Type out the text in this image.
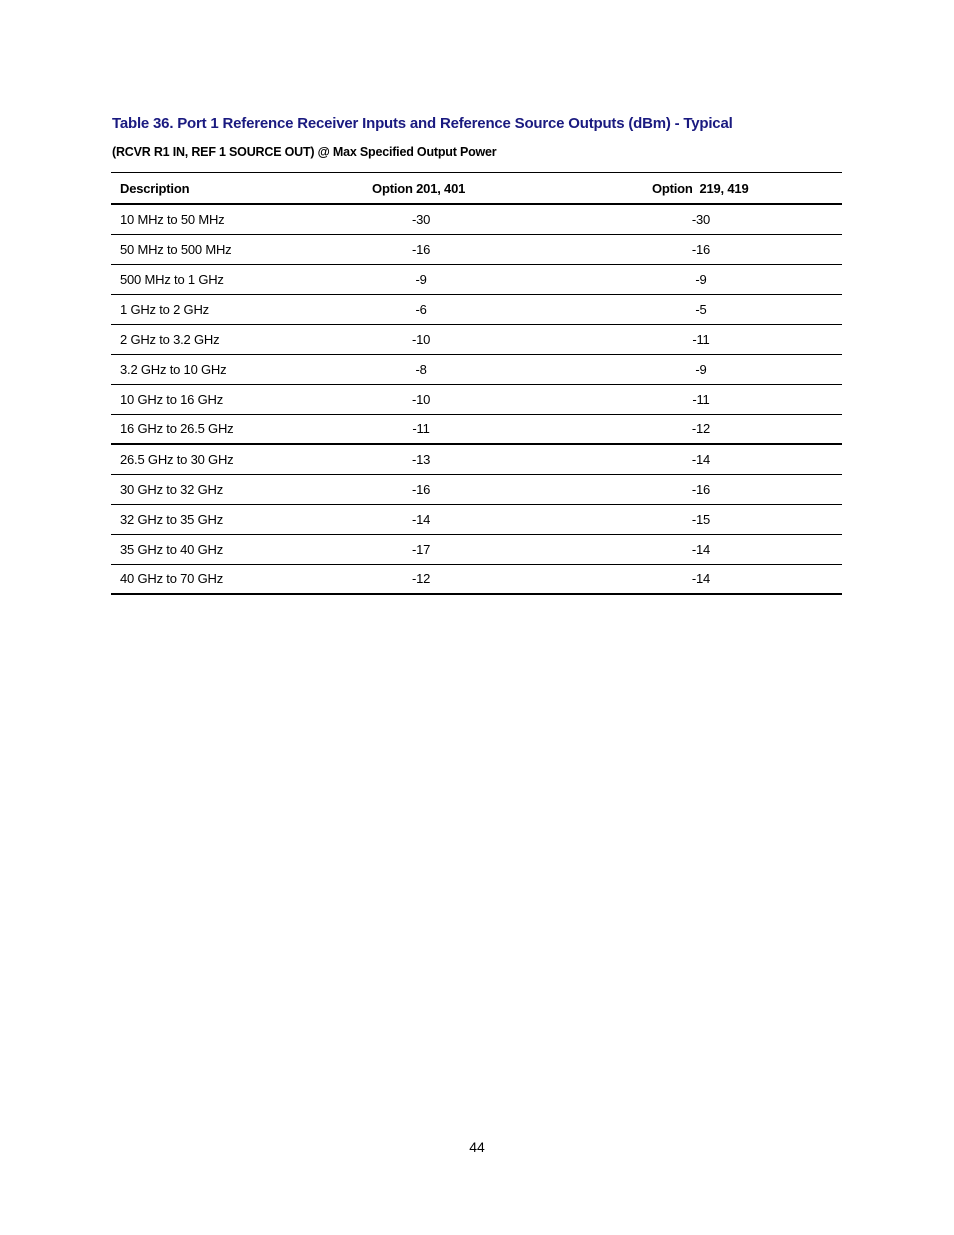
Table 36. Port 1 Reference Receiver Inputs and Reference Source Outputs (dBm) - Typical
(RCVR R1 IN, REF 1 SOURCE OUT) @ Max Specified Output Power
Description	Option 201, 401	Option  219, 419
10 MHz to 50 MHz	-30	-30
50 MHz to 500 MHz	-16	-16
500 MHz to 1 GHz	-9	-9
1 GHz to 2 GHz	-6	-5
2 GHz to 3.2 GHz	-10	-11
3.2 GHz to 10 GHz	-8	-9
10 GHz to 16 GHz	-10	-11
16 GHz to 26.5 GHz	-11	-12
26.5 GHz to 30 GHz	-13	-14
30 GHz to 32 GHz	-16	-16
32 GHz to 35 GHz	-14	-15
35 GHz to 40 GHz	-17	-14
40 GHz to 70 GHz	-12	-14
44
